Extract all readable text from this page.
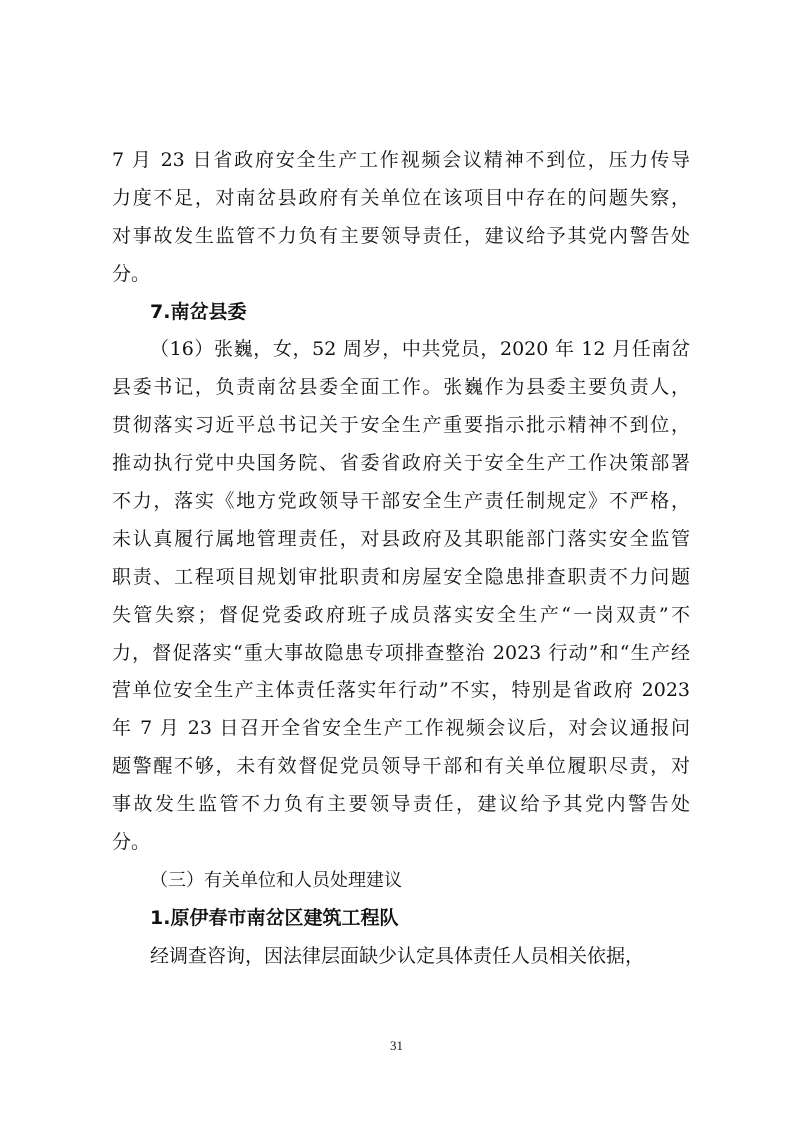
7 月 23 日省政府安全生产工作视频会议精神不到位，压力传导
力度不足，对南岔县政府有关单位在该项目中存在的问题失察，
对事故发生监管不力负有主要领导责任，建议给予其党内警告处
分。
7.南岔县委
（16）张巍，女，52 周岁，中共党员，2020 年 12 月任南岔
县委书记，负责南岔县委全面工作。张巍作为县委主要负责人，
贯彻落实习近平总书记关于安全生产重要指示批示精神不到位，
推动执行党中央国务院、省委省政府关于安全生产工作决策部署
不力，落实《地方党政领导干部安全生产责任制规定》不严格，
未认真履行属地管理责任，对县政府及其职能部门落实安全监管
职责、工程项目规划审批职责和房屋安全隐患排查职责不力问题
失管失察；督促党委政府班子成员落实安全生产“一岗双责”不
力，督促落实“重大事故隐患专项排查整治 2023 行动”和“生产经
营单位安全生产主体责任落实年行动”不实，特别是省政府 2023
年 7 月 23 日召开全省安全生产工作视频会议后，对会议通报问
题警醒不够，未有效督促党员领导干部和有关单位履职尽责，对
事故发生监管不力负有主要领导责任，建议给予其党内警告处
分。
（三）有关单位和人员处理建议
1.原伊春市南岔区建筑工程队
经调查咨询，因法律层面缺少认定具体责任人员相关依据，
31
